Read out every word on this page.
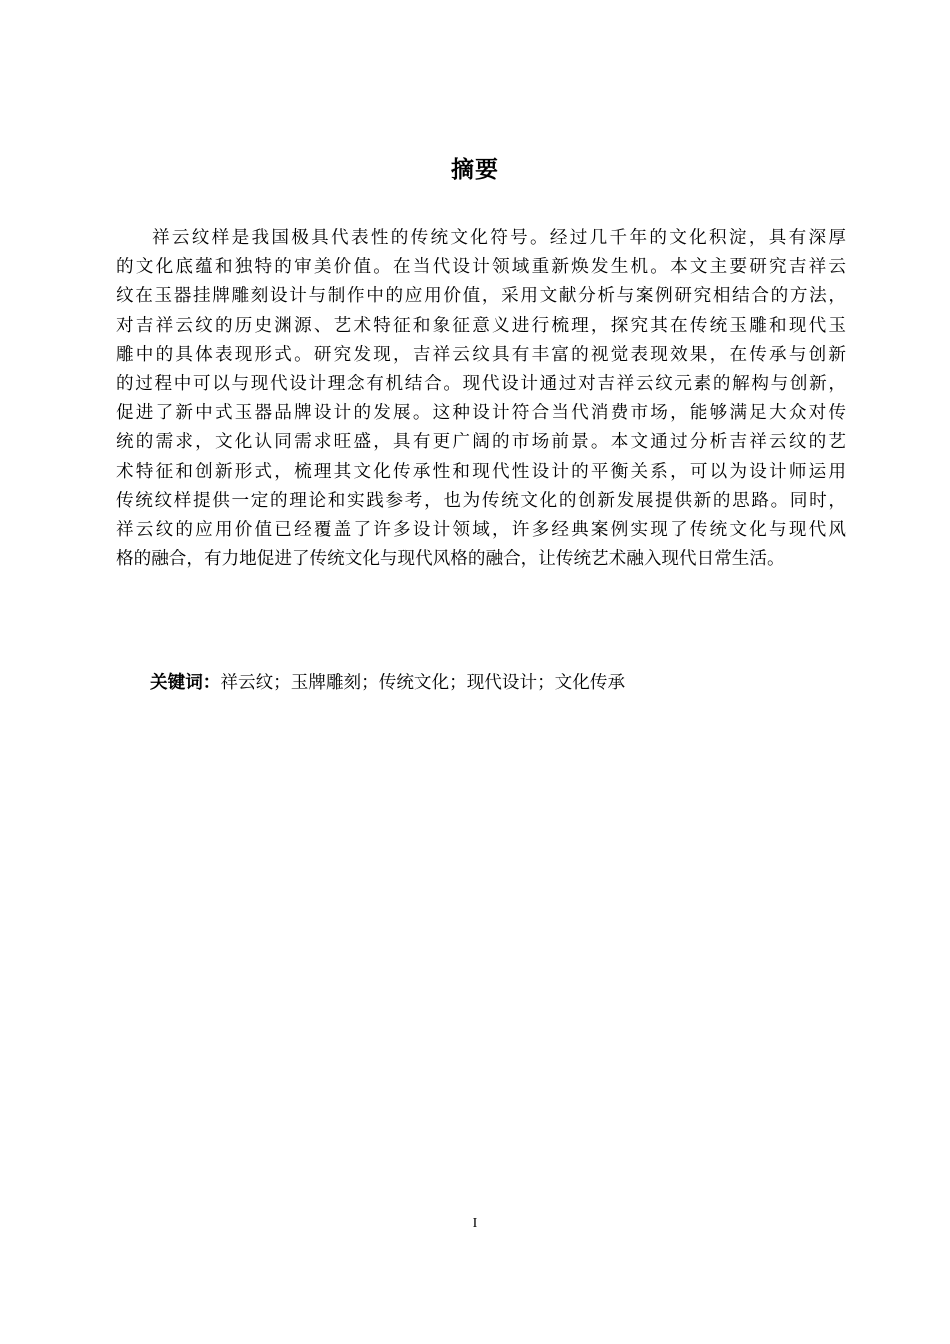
摘要
祥云纹样是我国极具代表性的传统文化符号。经过几千年的文化积淀，具有深厚
的文化底蕴和独特的审美价值。在当代设计领域重新焕发生机。本文主要研究吉祥云
纹在玉器挂牌雕刻设计与制作中的应用价值，采用文献分析与案例研究相结合的方法，
对吉祥云纹的历史渊源、艺术特征和象征意义进行梳理，探究其在传统玉雕和现代玉
雕中的具体表现形式。研究发现，吉祥云纹具有丰富的视觉表现效果，在传承与创新
的过程中可以与现代设计理念有机结合。现代设计通过对吉祥云纹元素的解构与创新，
促进了新中式玉器品牌设计的发展。这种设计符合当代消费市场，能够满足大众对传
统的需求，文化认同需求旺盛，具有更广阔的市场前景。本文通过分析吉祥云纹的艺
术特征和创新形式，梳理其文化传承性和现代性设计的平衡关系，可以为设计师运用
传统纹样提供一定的理论和实践参考，也为传统文化的创新发展提供新的思路。同时，
祥云纹的应用价值已经覆盖了许多设计领域，许多经典案例实现了传统文化与现代风
格的融合，有力地促进了传统文化与现代风格的融合，让传统艺术融入现代日常生活。
关键词：祥云纹；玉牌雕刻；传统文化；现代设计；文化传承
I
